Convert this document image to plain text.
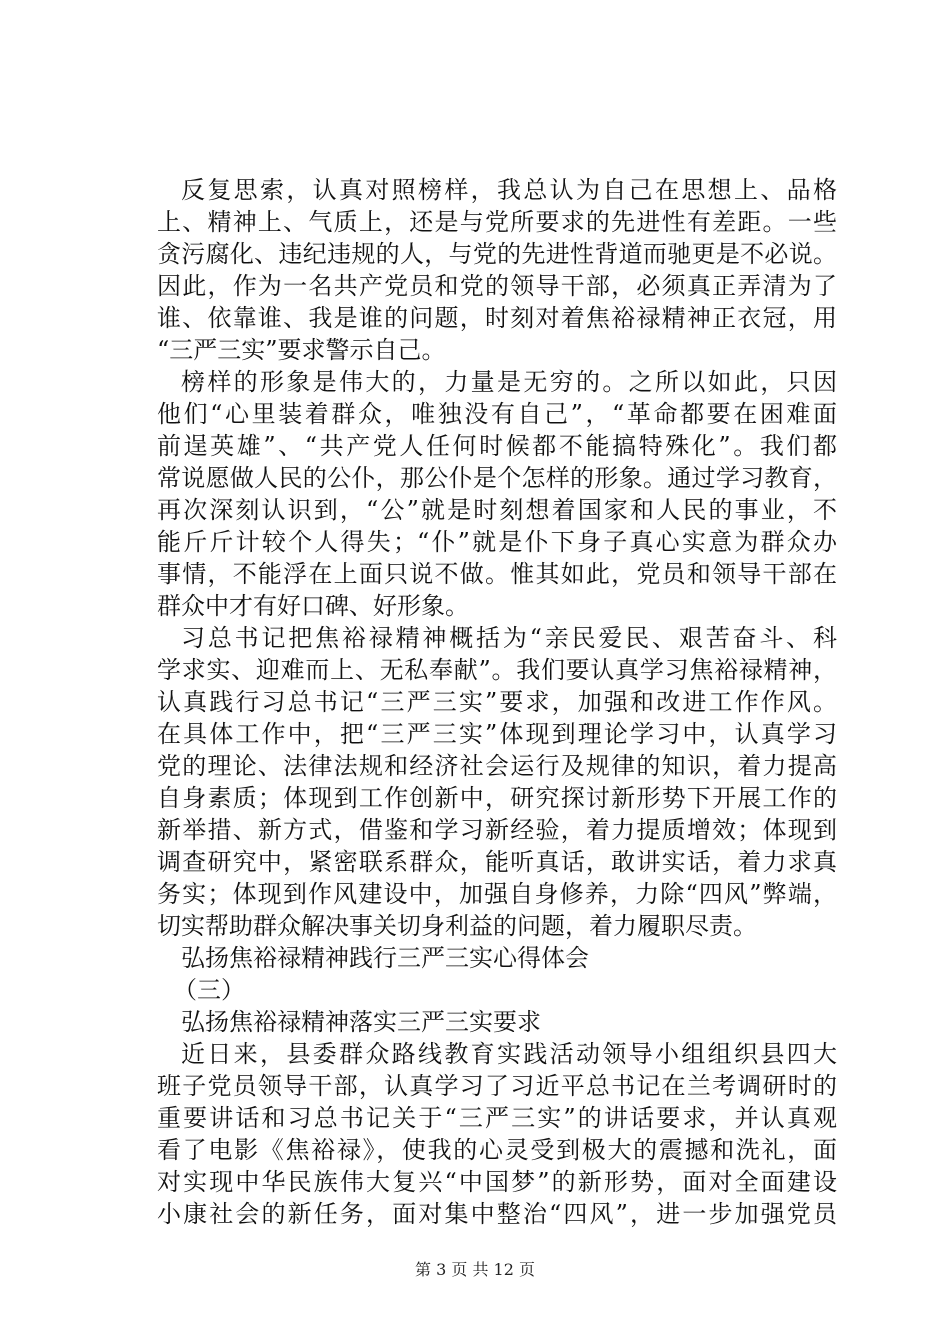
反复思索，认真对照榜样，我总认为自己在思想上、品格
上、精神上、气质上，还是与党所要求的先进性有差距。一些
贪污腐化、违纪违规的人，与党的先进性背道而驰更是不必说。
因此，作为一名共产党员和党的领导干部，必须真正弄清为了
谁、依靠谁、我是谁的问题，时刻对着焦裕禄精神正衣冠，用
“三严三实”要求警示自己。
榜样的形象是伟大的，力量是无穷的。之所以如此，只因
他们“心里装着群众，唯独没有自己”，“革命都要在困难面
前逞英雄”、“共产党人任何时候都不能搞特殊化”。我们都
常说愿做人民的公仆，那公仆是个怎样的形象。通过学习教育，
再次深刻认识到，“公”就是时刻想着国家和人民的事业，不
能斤斤计较个人得失；“仆”就是仆下身子真心实意为群众办
事情，不能浮在上面只说不做。惟其如此，党员和领导干部在
群众中才有好口碑、好形象。
习总书记把焦裕禄精神概括为“亲民爱民、艰苦奋斗、科
学求实、迎难而上、无私奉献”。我们要认真学习焦裕禄精神，
认真践行习总书记“三严三实”要求，加强和改进工作作风。
在具体工作中，把“三严三实”体现到理论学习中，认真学习
党的理论、法律法规和经济社会运行及规律的知识，着力提高
自身素质；体现到工作创新中，研究探讨新形势下开展工作的
新举措、新方式，借鉴和学习新经验，着力提质增效；体现到
调查研究中，紧密联系群众，能听真话，敢讲实话，着力求真
务实；体现到作风建设中，加强自身修养，力除“四风”弊端，
切实帮助群众解决事关切身利益的问题，着力履职尽责。
弘扬焦裕禄精神践行三严三实心得体会
（三）
弘扬焦裕禄精神落实三严三实要求
近日来，县委群众路线教育实践活动领导小组组织县四大
班子党员领导干部，认真学习了习近平总书记在兰考调研时的
重要讲话和习总书记关于“三严三实”的讲话要求，并认真观
看了电影《焦裕禄》，使我的心灵受到极大的震撼和洗礼，面
对实现中华民族伟大复兴“中国梦”的新形势，面对全面建设
小康社会的新任务，面对集中整治“四风”，进一步加强党员
第 3 页 共 12 页
